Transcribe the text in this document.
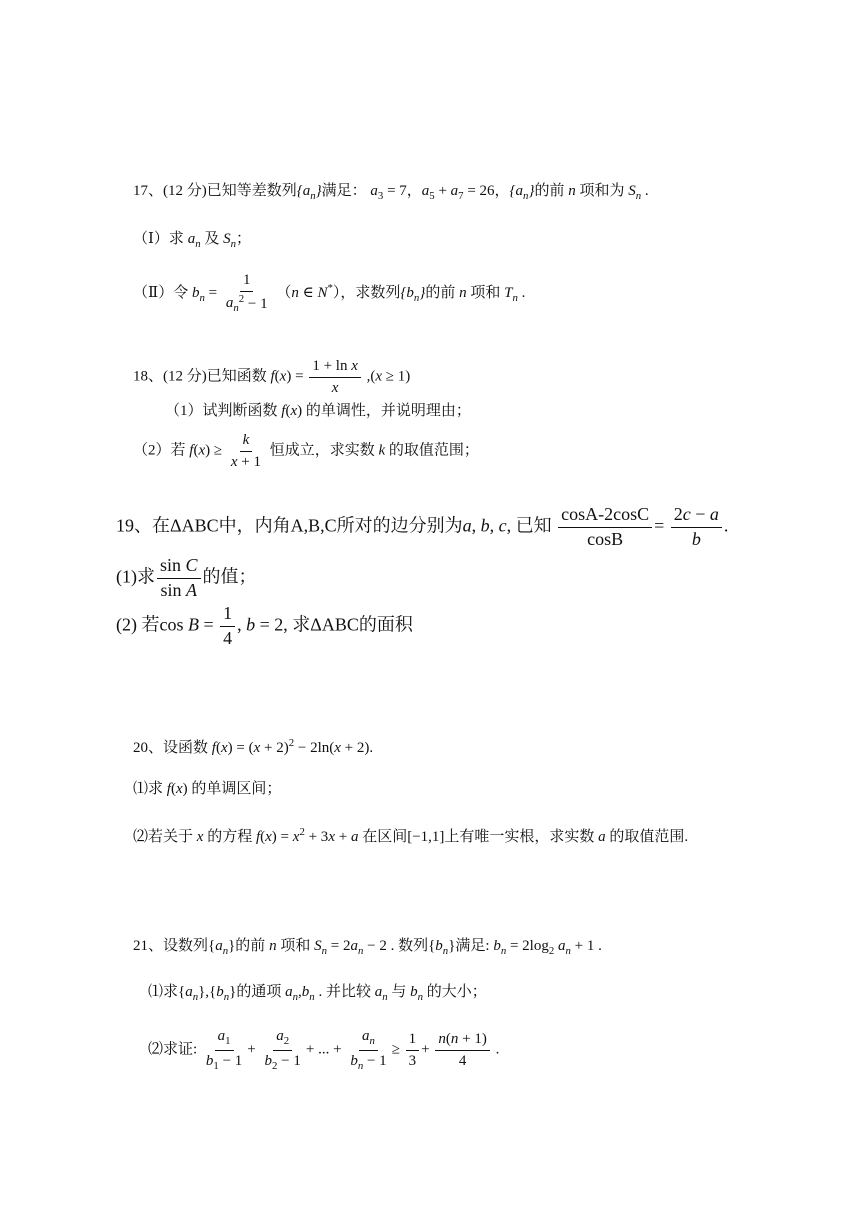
17、(12 分)已知等差数列$\{a_n\}$满足： $a_3 = 7$，$a_5 + a_7 = 26$，$\{a_n\}$的前 n 项和为 $S_n$ .
（Ⅰ）求 $a_n$ 及 $S_n$；
（Ⅱ）令 $b_n = \frac{1}{a_n^2 - 1} (n$ ∈ N*），求数列$\{b_n\}$的前 n 项和 $T_n$ .
18、(12 分)已知函数 $f(x) = \frac{\text{1 + ln x}}{x} ,(x \ge 1)$
（1）试判断函数 f(x) 的单调性，并说明理由；
（2）若 $f(x) \ge \frac{k}{x + 1}$ 恒成立，求实数 k 的取值范围；
19、在ΔABC中，内角A,B,C所对的边分别为a, b, c, 已知 $\frac{\cos A-2\cos C}{\cos B} = \frac{2c - a}{b}$ .
(1)求 $\frac{\text{sin C}}{\text{sin A}}$ 的值；
(2) 若$\cos B = \frac{1}{4}$ , b = 2, 求ΔABC的面积
20、设函数 $f(x) = (x + 2)^2 - 2\ln(x + 2)$.
⑴求 f(x) 的单调区间；
⑵若关于 x 的方程 $f(x) = x^2 + 3x + a$ 在区间[−1,1]上有唯一实根，求实数 a 的取值范围.
21、设数列$\{a_n\}$的前 n 项和 $S_n = 2a_n - 2$ . 数列$\{b_n\}$满足: $b_n = 2\log_2$ $a_n + 1$ .
⑴求$\{a_n\},\{b_n\}$的通项 $a_n,b_n$ . 并比较 $a_n$ 与 $b_n$ 的大小；
⑵求证: $\frac{a_1}{b_1 - 1} + \frac{a_2}{b_2 - 1}$ + ... + $\frac{a_n}{b_n - 1} \ge \frac{1}{3} + \frac{n(n + 1)}{4}$ .
